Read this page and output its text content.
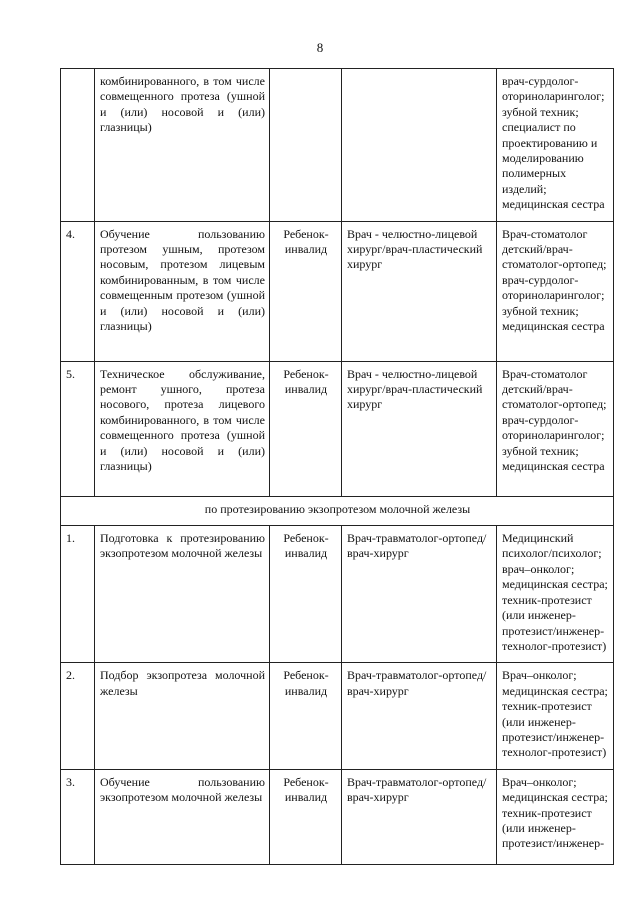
8
	комбинированного, в том числе совмещенного протеза (ушной и (или) носовой и (или) глазницы)			врач-сурдолог-оториноларинголог; зубной техник; специалист по проектированию и моделированию полимерных изделий; медицинская сестра
4.	Обучение пользованию протезом ушным, протезом носовым, протезом лицевым комбинированным, в том числе совмещенным протезом (ушной и (или) носовой и (или) глазницы)	Ребенок-инвалид	Врач - челюстно-лицевой хирург/врач-пластический хирург	Врач-стоматолог детский/врач-стоматолог-ортопед; врач-сурдолог-оториноларинголог; зубной техник; медицинская сестра
5.	Техническое обслуживание, ремонт ушного, протеза носового, протеза лицевого комбинированного, в том числе совмещенного протеза (ушной и (или) носовой и (или) глазницы)	Ребенок-инвалид	Врач - челюстно-лицевой хирург/врач-пластический хирург	Врач-стоматолог детский/врач-стоматолог-ортопед; врач-сурдолог-оториноларинголог; зубной техник; медицинская сестра
по протезированию экзопротезом молочной железы				
1.	Подготовка к протезированию экзопротезом молочной железы	Ребенок-инвалид	Врач-травматолог-ортопед/врач-хирург	Медицинский психолог/психолог; врач–онколог; медицинская сестра; техник-протезист (или инженер-протезист/инженер-технолог-протезист)
2.	Подбор экзопротеза молочной железы	Ребенок-инвалид	Врач-травматолог-ортопед/врач-хирург	Врач–онколог; медицинская сестра; техник-протезист (или инженер-протезист/инженер-технолог-протезист)
3.	Обучение пользованию экзопротезом молочной железы	Ребенок-инвалид	Врач-травматолог-ортопед/врач-хирург	Врач–онколог; медицинская сестра; техник-протезист (или инженер-протезист/инженер-
